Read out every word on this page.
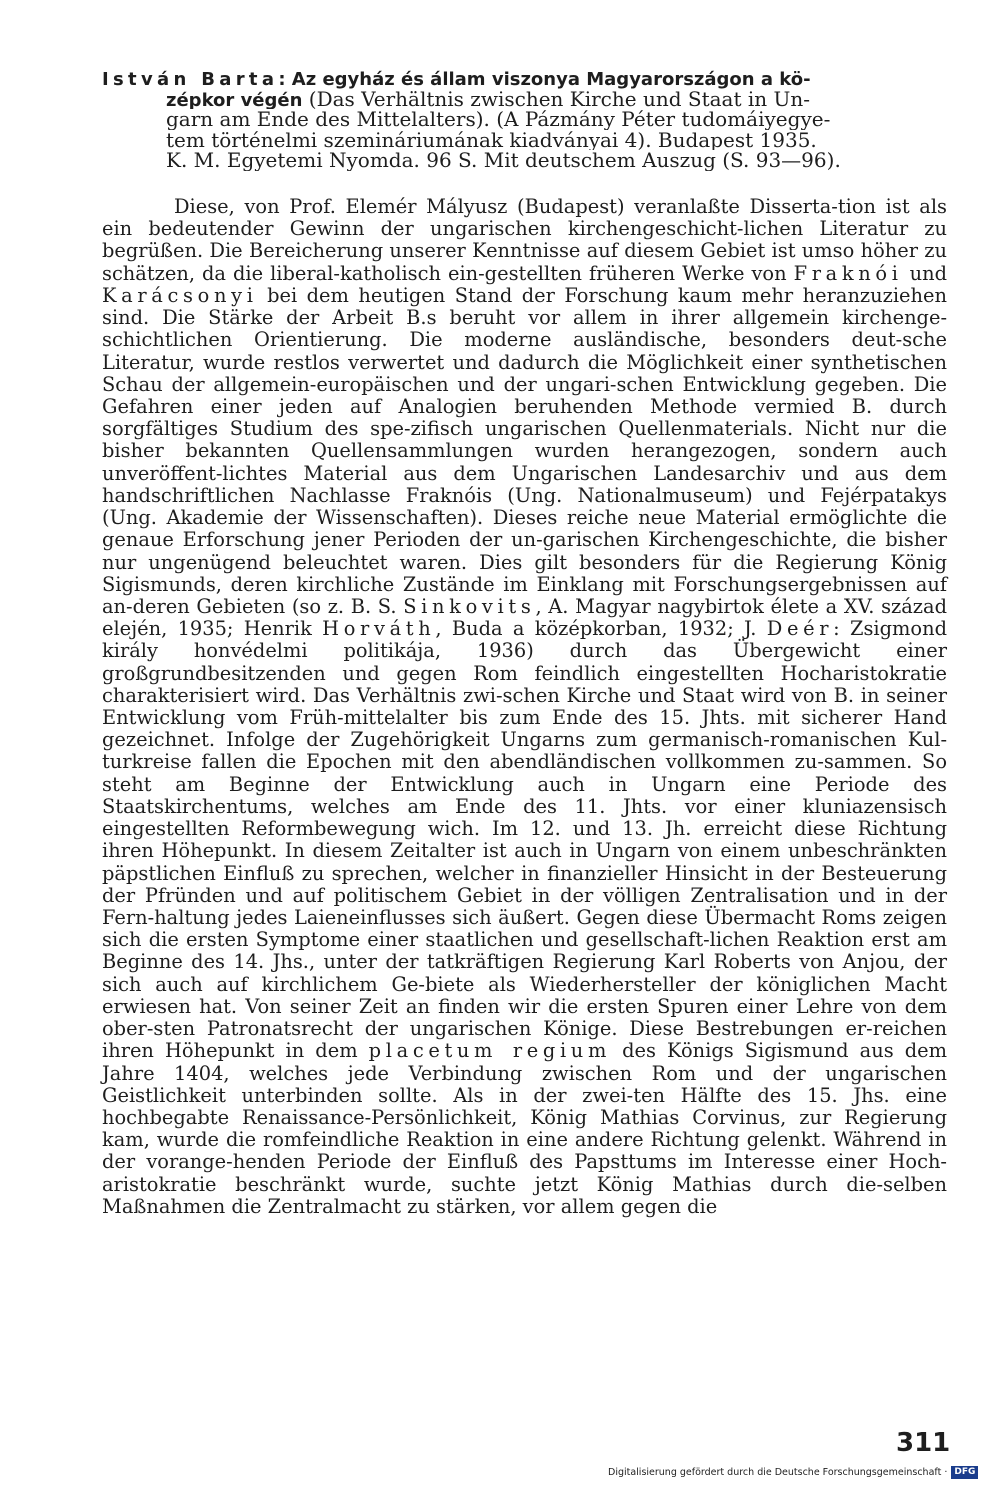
István Barta: Az egyház és állam viszonya Magyarországon a kö-
zépkor végén (Das Verhältnis zwischen Kirche und Staat in Un-
garn am Ende des Mittelalters). (A Pázmány Péter tudomáiyegye-
tem történelmi szemináriumának kiadványai 4). Budapest 1935.
K. M. Egyetemi Nyomda. 96 S. Mit deutschem Auszug (S. 93—96).

Diese, von Prof. Elemér Mályusz (Budapest) veranlaßte Disserta-tion ist als ein bedeutender Gewinn der ungarischen kirchengeschicht-lichen Literatur zu begrüßen. Die Bereicherung unserer Kenntnisse auf diesem Gebiet ist umso höher zu schätzen, da die liberal-katholisch ein-gestellten früheren Werke von Fraknói und Karácsonyi bei dem heutigen Stand der Forschung kaum mehr heranzuziehen sind. Die Stärke der Arbeit B.s beruht vor allem in ihrer allgemein kirchenge-schichtlichen Orientierung. Die moderne ausländische, besonders deut-sche Literatur, wurde restlos verwertet und dadurch die Möglichkeit einer synthetischen Schau der allgemein-europäischen und der ungari-schen Entwicklung gegeben. Die Gefahren einer jeden auf Analogien beruhenden Methode vermied B. durch sorgfältiges Studium des spe-zifisch ungarischen Quellenmaterials. Nicht nur die bisher bekannten Quellensammlungen wurden herangezogen, sondern auch unveröffent-lichtes Material aus dem Ungarischen Landesarchiv und aus dem handschriftlichen Nachlasse Fraknóis (Ung. Nationalmuseum) und Fejérpatakys (Ung. Akademie der Wissenschaften). Dieses reiche neue Material ermöglichte die genaue Erforschung jener Perioden der un-garischen Kirchengeschichte, die bisher nur ungenügend beleuchtet waren. Dies gilt besonders für die Regierung König Sigismunds, deren kirchliche Zustände im Einklang mit Forschungsergebnissen auf an-deren Gebieten (so z. B. S. Sinkovits, A. Magyar nagybirtok élete a XV. század elején, 1935; Henrik Horváth, Buda a középkorban, 1932; J. Deér: Zsigmond király honvédelmi politikája, 1936) durch das Übergewicht einer großgrundbesitzenden und gegen Rom feindlich eingestellten Hocharistokratie charakterisiert wird. Das Verhältnis zwi-schen Kirche und Staat wird von B. in seiner Entwicklung vom Früh-mittelalter bis zum Ende des 15. Jhts. mit sicherer Hand gezeichnet. Infolge der Zugehörigkeit Ungarns zum germanisch-romanischen Kul-turkreise fallen die Epochen mit den abendländischen vollkommen zu-sammen. So steht am Beginne der Entwicklung auch in Ungarn eine Periode des Staatskirchentums, welches am Ende des 11. Jhts. vor einer kluniazensisch eingestellten Reformbewegung wich. Im 12. und 13. Jh. erreicht diese Richtung ihren Höhepunkt. In diesem Zeitalter ist auch in Ungarn von einem unbeschränkten päpstlichen Einfluß zu sprechen, welcher in finanzieller Hinsicht in der Besteuerung der Pfründen und auf politischem Gebiet in der völligen Zentralisation und in der Fern-haltung jedes Laieneinflusses sich äußert. Gegen diese Übermacht Roms zeigen sich die ersten Symptome einer staatlichen und gesellschaft-lichen Reaktion erst am Beginne des 14. Jhs., unter der tatkräftigen Regierung Karl Roberts von Anjou, der sich auch auf kirchlichem Ge-biete als Wiederhersteller der königlichen Macht erwiesen hat. Von seiner Zeit an finden wir die ersten Spuren einer Lehre von dem ober-sten Patronatsrecht der ungarischen Könige. Diese Bestrebungen er-reichen ihren Höhepunkt in dem placetum regium des Königs Sigismund aus dem Jahre 1404, welches jede Verbindung zwischen Rom und der ungarischen Geistlichkeit unterbinden sollte. Als in der zwei-ten Hälfte des 15. Jhs. eine hochbegabte Renaissance-Persönlichkeit, König Mathias Corvinus, zur Regierung kam, wurde die romfeindliche Reaktion in eine andere Richtung gelenkt. Während in der vorange-henden Periode der Einfluß des Papsttums im Interesse einer Hoch-aristokratie beschränkt wurde, suchte jetzt König Mathias durch die-selben Maßnahmen die Zentralmacht zu stärken, vor allem gegen die

311
Digitalisierung gefördert durch die Deutsche Forschungsgemeinschaft · DFG
